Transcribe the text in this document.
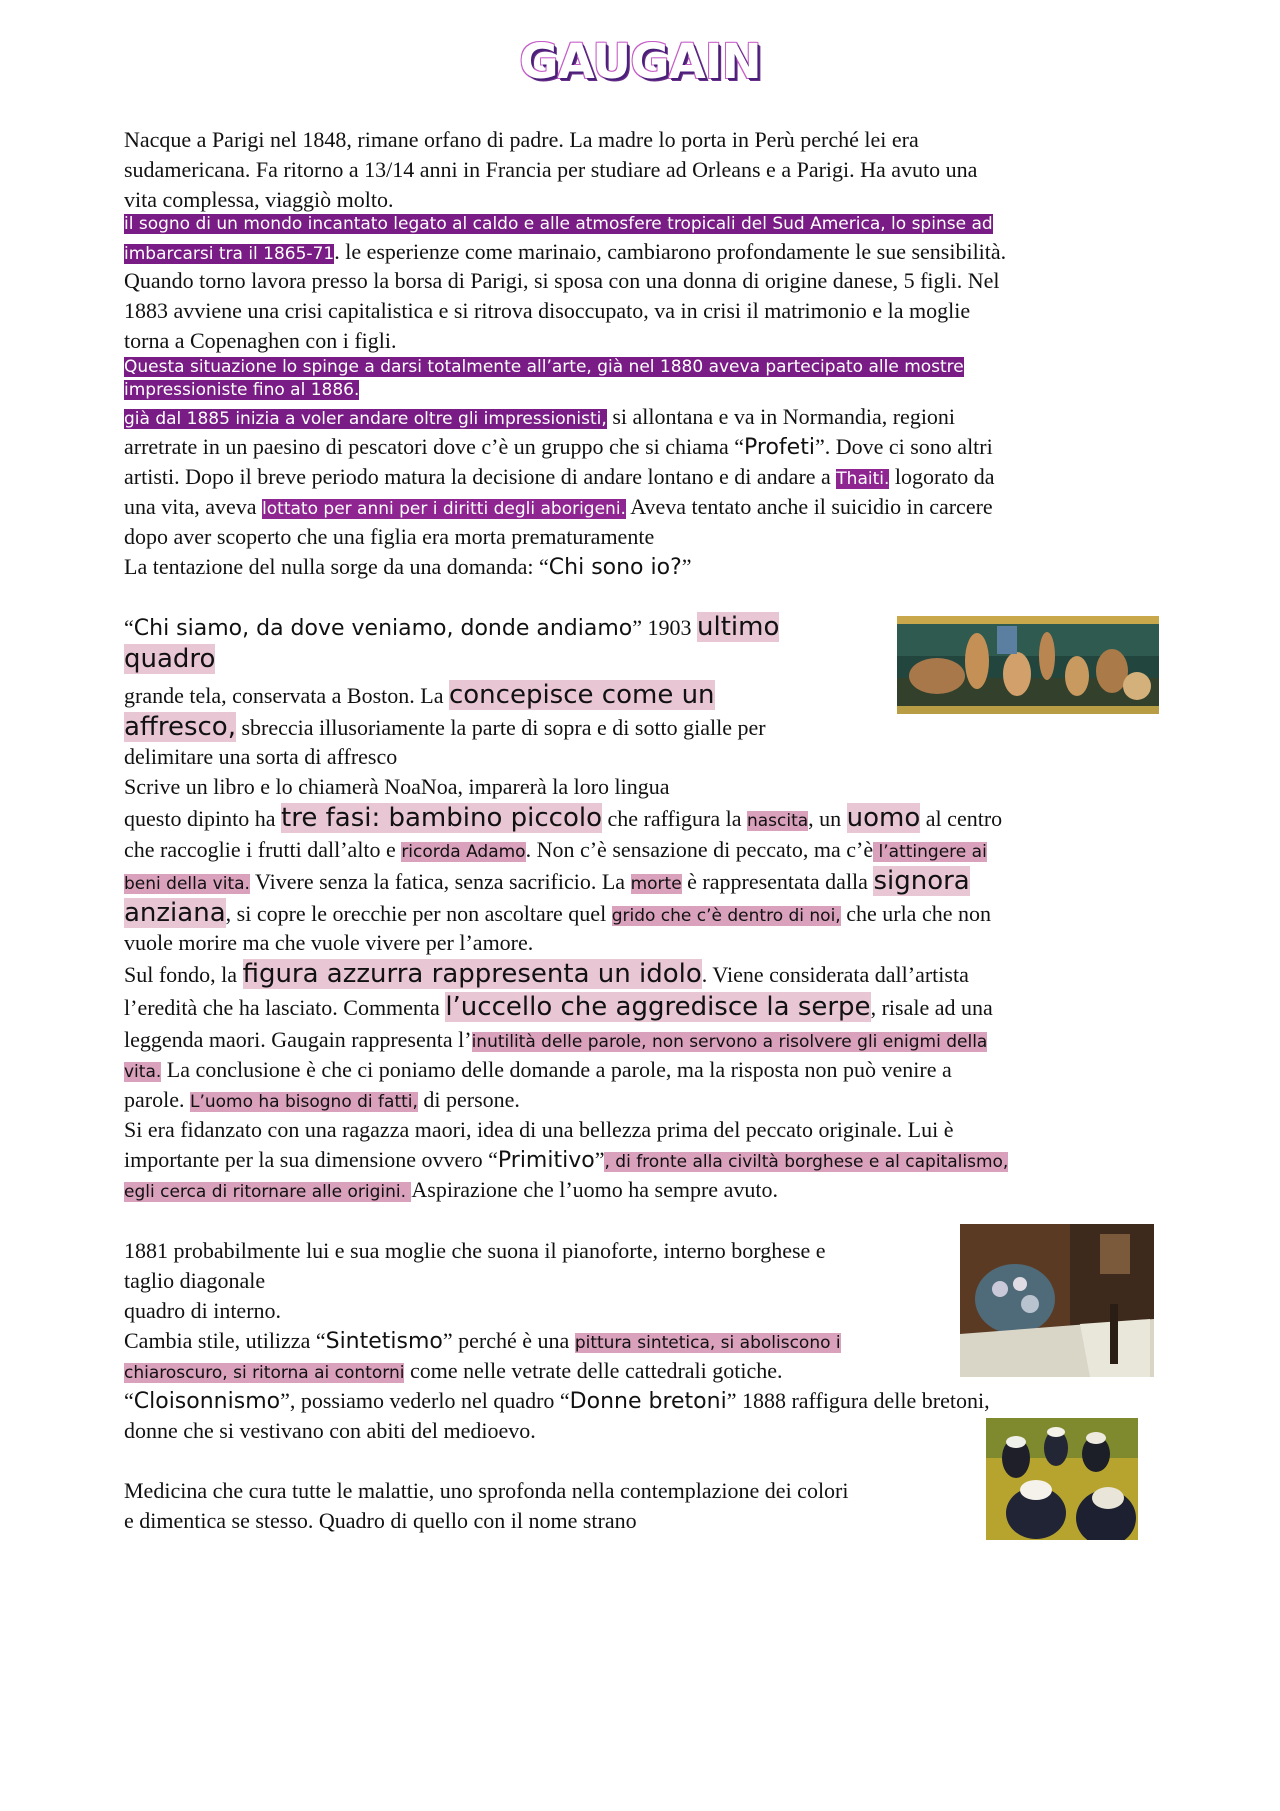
GAUGAIN
Nacque a Parigi nel 1848, rimane orfano di padre. La madre lo porta in Perù perché lei era
sudamericana. Fa ritorno a 13/14 anni in Francia per studiare ad Orleans e a Parigi. Ha avuto una
vita complessa, viaggiò molto.
il sogno di un mondo incantato legato al caldo e alle atmosfere tropicali del Sud America, lo spinse ad
imbarcarsi tra il 1865-71. le esperienze come marinaio, cambiarono profondamente le sue sensibilità.
Quando torno lavora presso la borsa di Parigi, si sposa con una donna di origine danese, 5 figli. Nel
1883 avviene una crisi capitalistica e si ritrova disoccupato, va in crisi il matrimonio e la moglie
torna a Copenaghen con i figli.
Questa situazione lo spinge a darsi totalmente all’arte, già nel 1880 aveva partecipato alle mostre
impressioniste fino al 1886.
già dal 1885 inizia a voler andare oltre gli impressionisti, si allontana e va in Normandia, regioni
arretrate in un paesino di pescatori dove c’è un gruppo che si chiama “Profeti”. Dove ci sono altri
artisti. Dopo il breve periodo matura la decisione di andare lontano e di andare a Thaiti. logorato da
una vita, aveva lottato per anni per i diritti degli aborigeni. Aveva tentato anche il suicidio in carcere
dopo aver scoperto che una figlia era morta prematuramente
La tentazione del nulla sorge da una domanda: “Chi sono io?”
“Chi siamo, da dove veniamo, donde andiamo” 1903 ultimo
quadro
grande tela, conservata a Boston. La concepisce come un
affresco, sbreccia illusoriamente la parte di sopra e di sotto gialle per
delimitare una sorta di affresco
Scrive un libro e lo chiamerà NoaNoa, imparerà la loro lingua
questo dipinto ha tre fasi: bambino piccolo che raffigura la nascita, un uomo al centro
che raccoglie i frutti dall’alto e ricorda Adamo. Non c’è sensazione di peccato, ma c’è l’attingere ai
beni della vita. Vivere senza la fatica, senza sacrificio. La morte è rappresentata dalla signora
anziana, si copre le orecchie per non ascoltare quel grido che c’è dentro di noi, che urla che non
vuole morire ma che vuole vivere per l’amore.
Sul fondo, la figura azzurra rappresenta un idolo. Viene considerata dall’artista
l’eredità che ha lasciato. Commenta l’uccello che aggredisce la serpe, risale ad una
leggenda maori. Gaugain rappresenta l’inutilità delle parole, non servono a risolvere gli enigmi della
vita. La conclusione è che ci poniamo delle domande a parole, ma la risposta non può venire a
parole. L’uomo ha bisogno di fatti, di persone.
Si era fidanzato con una ragazza maori, idea di una bellezza prima del peccato originale. Lui è
importante per la sua dimensione ovvero “Primitivo”, di fronte alla civiltà borghese e al capitalismo,
egli cerca di ritornare alle origini. Aspirazione che l’uomo ha sempre avuto.
1881 probabilmente lui e sua moglie che suona il pianoforte, interno borghese e
taglio diagonale
quadro di interno.
Cambia stile, utilizza “Sintetismo” perché è una pittura sintetica, si aboliscono i
chiaroscuro, si ritorna ai contorni come nelle vetrate delle cattedrali gotiche.
“Cloisonnismo”, possiamo vederlo nel quadro “Donne bretoni” 1888 raffigura delle bretoni,
donne che si vestivano con abiti del medioevo.
Medicina che cura tutte le malattie, uno sprofonda nella contemplazione dei colori
e dimentica se stesso. Quadro di quello con il nome strano
